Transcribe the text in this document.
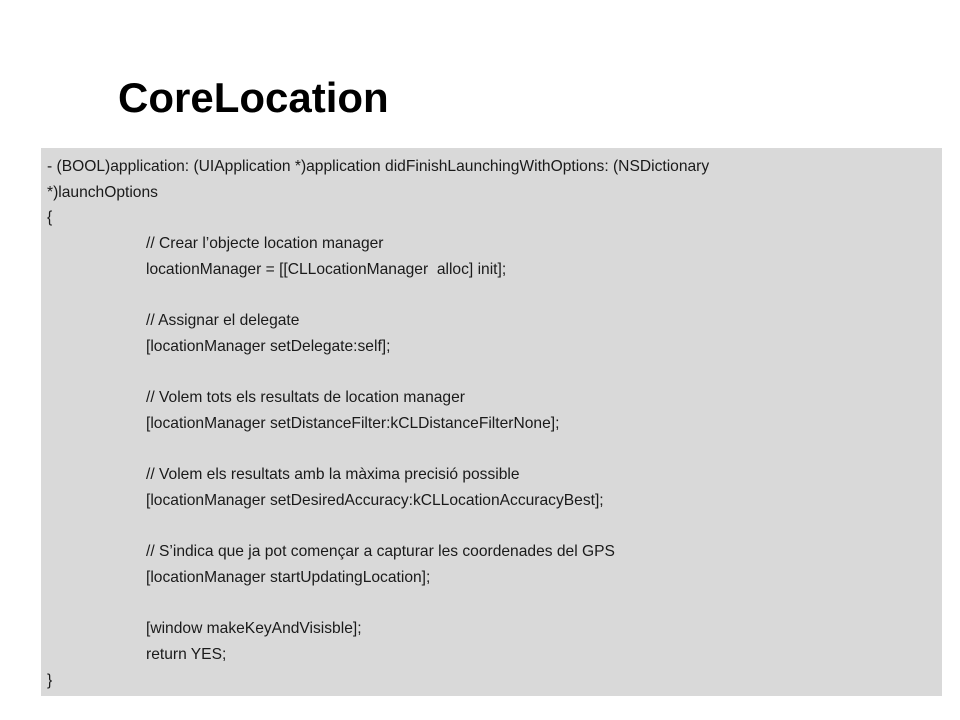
CoreLocation
- (BOOL)application: (UIApplication *)application didFinishLaunchingWithOptions: (NSDictionary
*)launchOptions
{
// Crear l’objecte location manager
locationManager = [[CLLocationManager  alloc] init];
// Assignar el delegate
[locationManager setDelegate:self];
// Volem tots els resultats de location manager
[locationManager setDistanceFilter:kCLDistanceFilterNone];
// Volem els resultats amb la màxima precisió possible
[locationManager setDesiredAccuracy:kCLLocationAccuracyBest];
// S’indica que ja pot començar a capturar les coordenades del GPS
[locationManager startUpdatingLocation];
[window makeKeyAndVisisble];
return YES;
}
